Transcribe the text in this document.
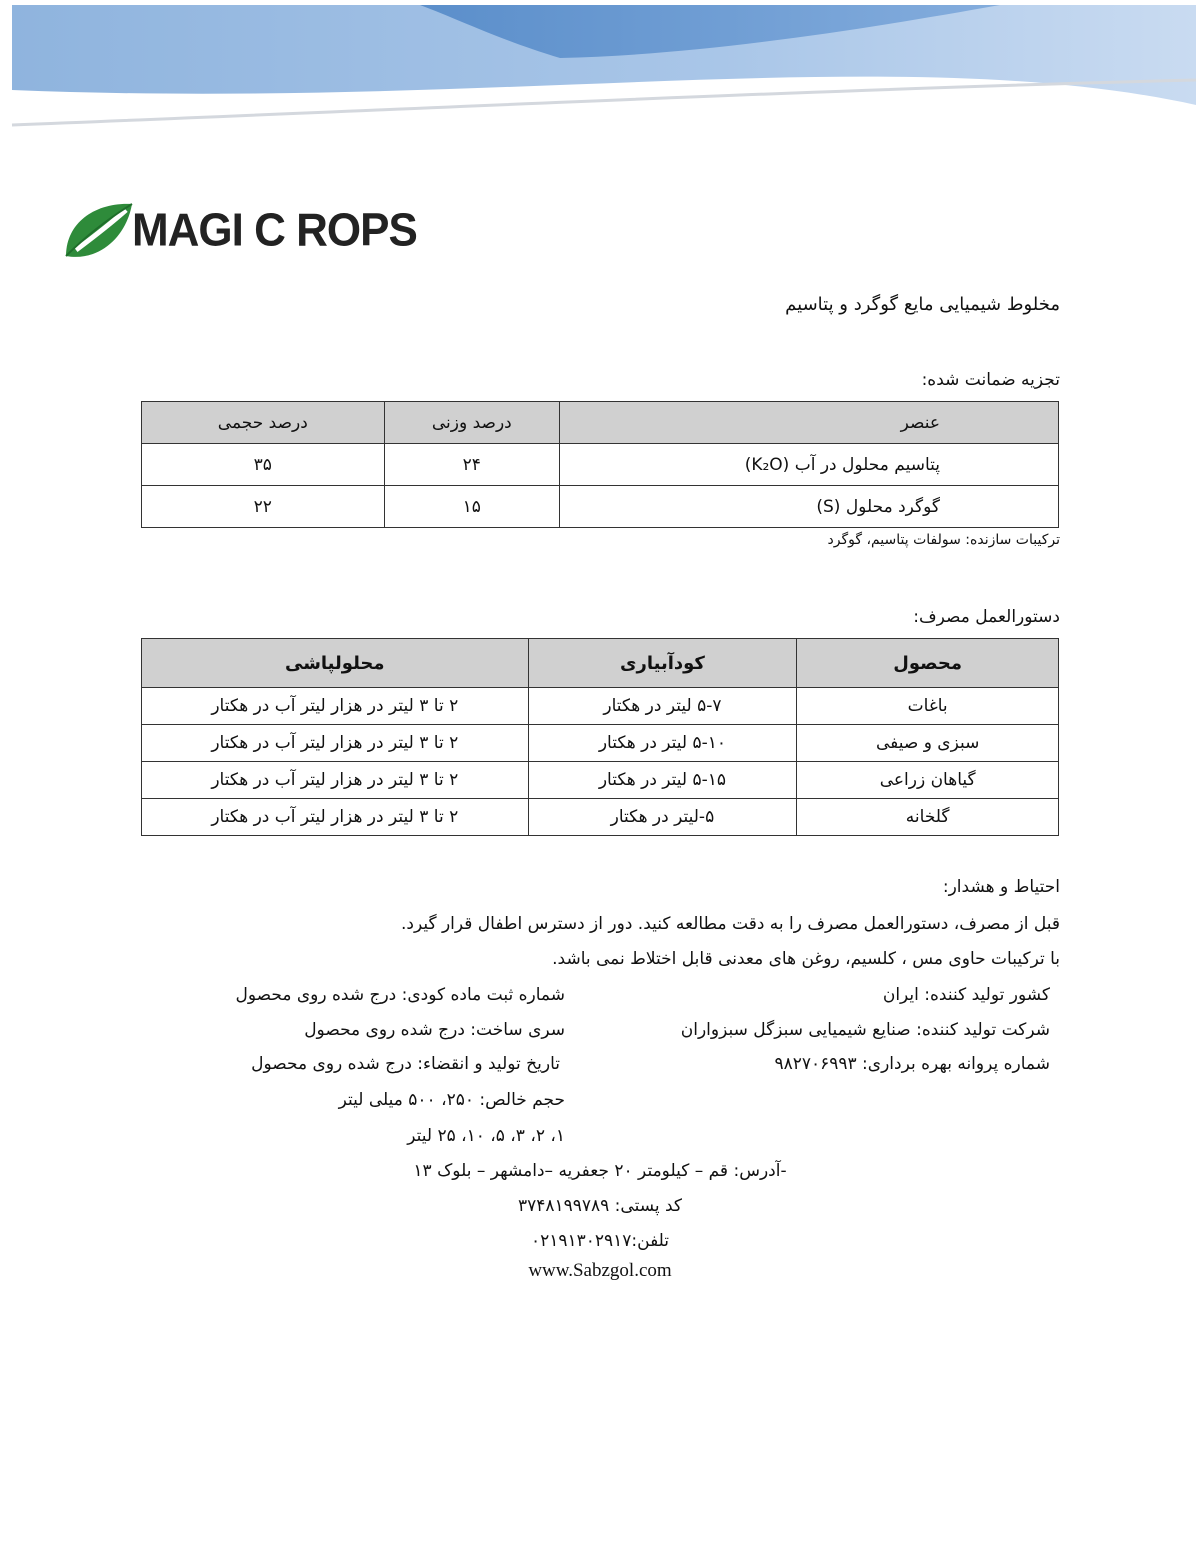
MAGI C ROPS
مخلوط شیمیایی مایع گوگرد و پتاسیم
تجزیه ضمانت شده:
عنصر	درصد وزنی	درصد حجمی
پتاسیم محلول در آب (K₂O)	۲۴	۳۵
گوگرد محلول (S)	۱۵	۲۲
ترکیبات سازنده: سولفات پتاسیم، گوگرد
دستورالعمل مصرف:
محصول	کودآبیاری	محلولپاشی
باغات	۵-۷ لیتر در هکتار	۲ تا ۳ لیتر در هزار لیتر آب در هکتار
سبزی و صیفی	۵-۱۰ لیتر در هکتار	۲ تا ۳ لیتر در هزار لیتر آب در هکتار
گیاهان زراعی	۵-۱۵ لیتر در هکتار	۲ تا ۳ لیتر در هزار لیتر آب در هکتار
گلخانه	۵-لیتر در هکتار	۲ تا ۳ لیتر در هزار لیتر آب در هکتار
احتیاط و هشدار:
قبل از مصرف، دستورالعمل مصرف را به دقت مطالعه کنید. دور از دسترس اطفال قرار گیرد.
با ترکیبات حاوی مس ، کلسیم، روغن های معدنی قابل اختلاط نمی باشد.
کشور تولید کننده: ایران
شرکت تولید کننده: صنایع شیمیایی سبزگل سبزواران
شماره پروانه بهره برداری: ۹۸۲۷۰۶۹۹۳
شماره ثبت ماده کودی: درج شده روی محصول
سری ساخت: درج شده روی محصول
تاریخ تولید و انقضاء: درج شده روی محصول
حجم خالص: ۲۵۰، ۵۰۰ میلی لیتر
۱، ۲، ۳، ۵، ۱۰، ۲۵ لیتر
-آدرس: قم – کیلومتر ۲۰ جعفریه –دامشهر – بلوک ۱۳
کد پستی: ۳۷۴۸۱۹۹۷۸۹
تلفن:۰۲۱۹۱۳۰۲۹۱۷
www.Sabzgol.com
